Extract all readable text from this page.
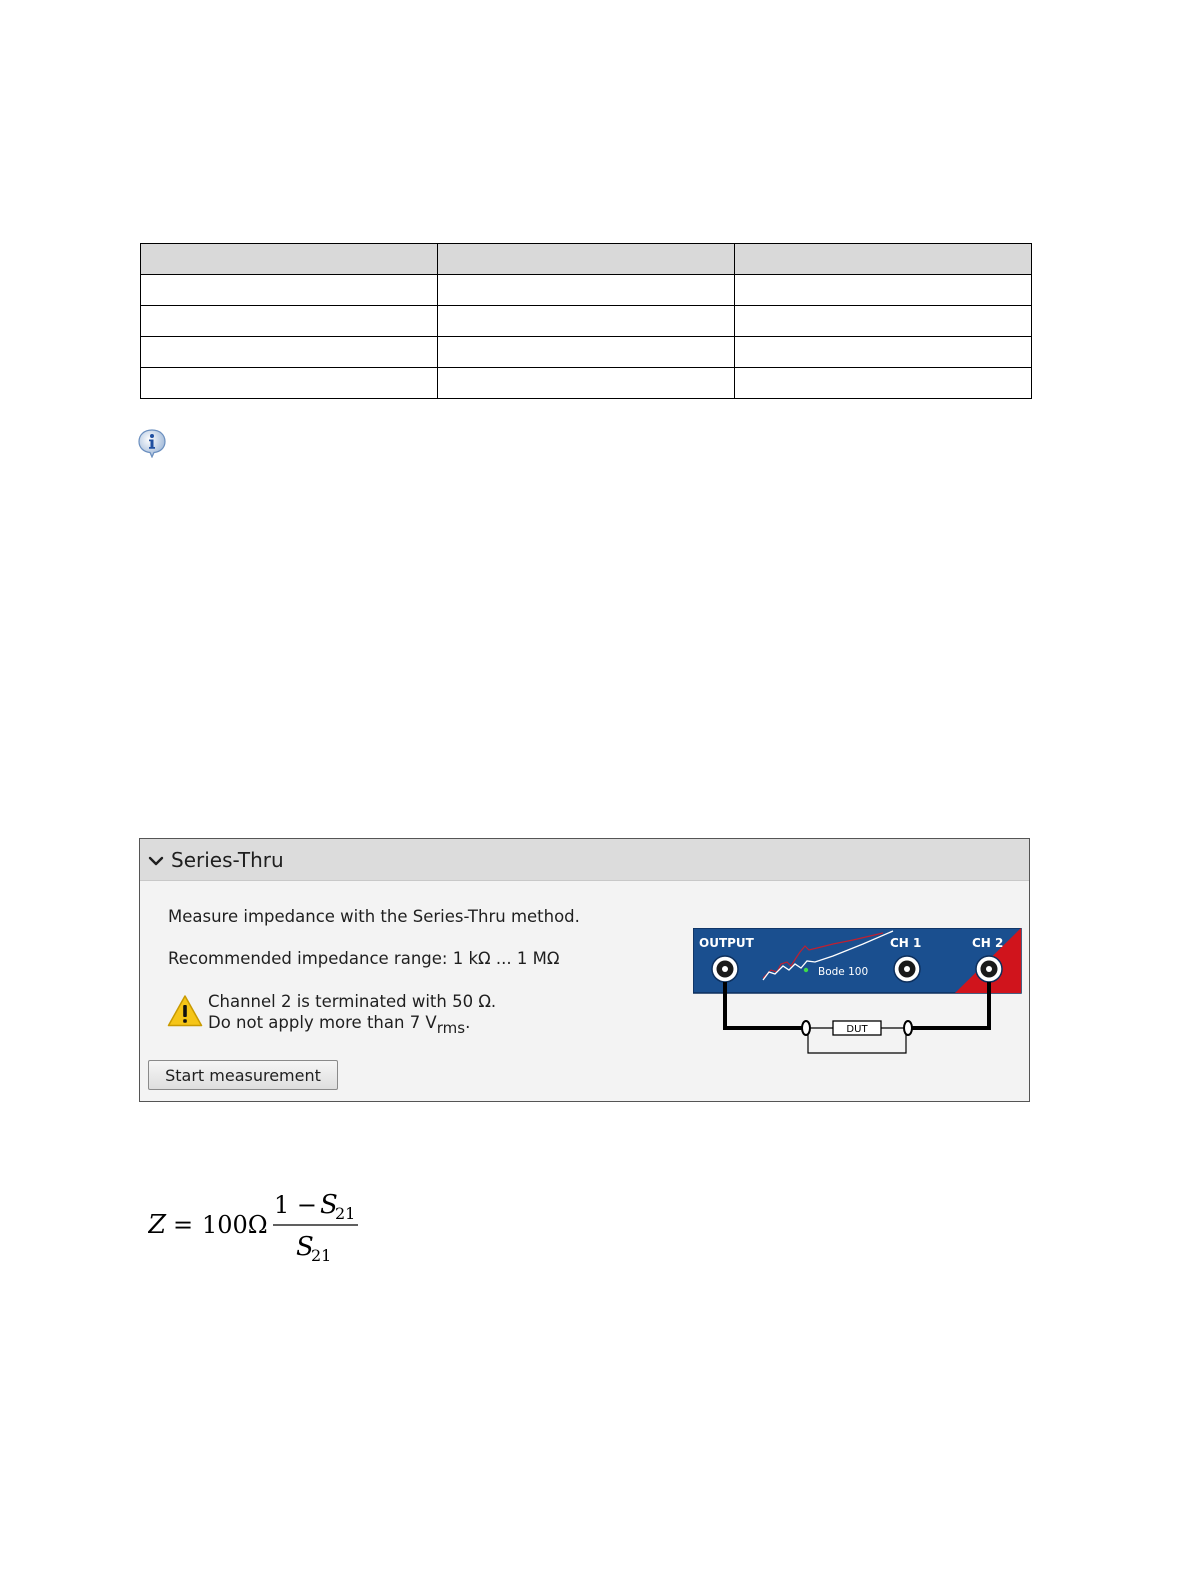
Series-Thru
Measure impedance with the Series-Thru method.
Recommended impedance range: 1 kΩ ... 1 MΩ
Channel 2 is terminated with 50 Ω.
Do not apply more than 7 $V_{rms}$.
Start measurement
OUTPUT	CH 1	CH 2
Bode 100
DUT
Z = 100Ω
1 − S
21
S
21
